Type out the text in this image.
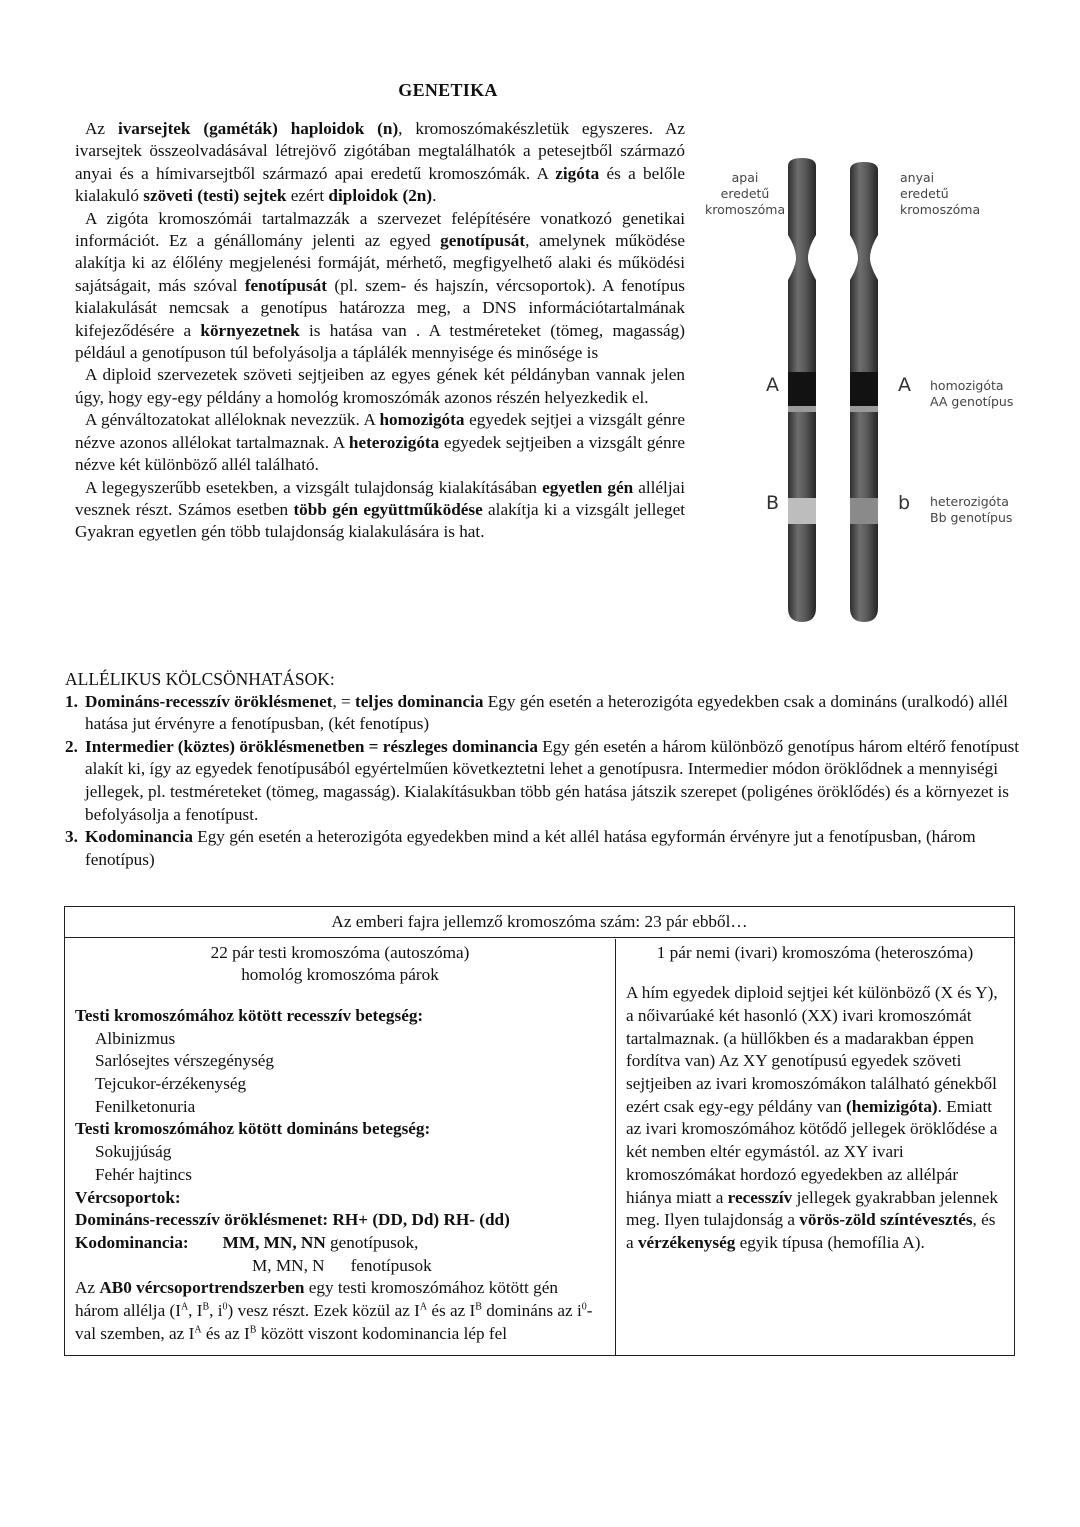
GENETIKA

Az ivarsejtek (gaméták) haploidok (n), kromoszómakészletük egyszeres. Az ivarsejtek összeolvadásával létrejövő zigótában megtalálhatók a petesejtből származó anyai és a hímivarsejtből származó apai eredetű kromoszómák. A zigóta és a belőle kialakuló szöveti (testi) sejtek ezért diploidok (2n).

A zigóta kromoszómái tartalmazzák a szervezet felépítésére vonatkozó genetikai információt. Ez a génállomány jelenti az egyed genotípusát, amelynek működése alakítja ki az élőlény megjelenési formáját, mérhető, megfigyelhető alaki és működési sajátságait, más szóval fenotípusát (pl. szem- és hajszín, vércsoportok). A fenotípus kialakulását nemcsak a genotípus határozza meg, a DNS információtartalmának kifejeződésére a környezetnek is hatása van . A testméreteket (tömeg, magasság) például a genotípuson túl befolyásolja a táplálék mennyisége és minősége is

A diploid szervezetek szöveti sejtjeiben az egyes gének két példányban vannak jelen úgy, hogy egy-egy példány a homológ kromoszómák azonos részén helyezkedik el.

A génváltozatokat alléloknak nevezzük. A homozigóta egyedek sejtjei a vizsgált génre nézve azonos allélokat tartalmaznak. A heterozigóta egyedek sejtjeiben a vizsgált génre nézve két különböző allél található.

A legegyszerűbb esetekben, a vizsgált tulajdonság kialakításában egyetlen gén alléljai vesznek részt. Számos esetben több gén együttműködése alakítja ki a vizsgált jelleget Gyakran egyetlen gén több tulajdonság kialakulására is hat.

apai
eredetű
kromoszóma
anyai
eredetű
kromoszóma
A	A
B	b
homozigóta
AA genotípus
heterozigóta
Bb genotípus

ALLÉLIKUS KÖLCSÖNHATÁSOK:

1. Domináns-recesszív öröklésmenet, = teljes dominancia Egy gén esetén a heterozigóta egyedekben csak a domináns (uralkodó) allél hatása jut érvényre a fenotípusban, (két fenotípus)
2. Intermedier (köztes) öröklésmenetben = részleges dominancia Egy gén esetén a három különböző genotípus három eltérő fenotípust alakít ki, így az egyedek fenotípusából egyértelműen következtetni lehet a genotípusra. Intermedier módon öröklődnek a mennyiségi jellegek, pl. testméreteket (tömeg, magasság). Kialakításukban több gén hatása játszik szerepet (poligénes öröklődés) és a környezet is befolyásolja a fenotípust.
3. Kodominancia Egy gén esetén a heterozigóta egyedekben mind a két allél hatása egyformán érvényre jut a fenotípusban, (három fenotípus)
Az emberi fajra jellemző kromoszóma szám: 23 pár ebből…
22 pár testi kromoszóma (autoszóma)
homológ kromoszóma párok
Testi kromoszómához kötött recesszív betegség:
Albinizmus
Sarlósejtes vérszegénység
Tejcukor-érzékenység
Fenilketonuria
Testi kromoszómához kötött domináns betegség:
Sokujjúság
Fehér hajtincs
Vércsoportok:
Domináns-recesszív öröklésmenet: RH+ (DD, Dd) RH- (dd)
Kodominancia: MM, MN, NN genotípusok,
M, MN, N fenotípusok
Az AB0 vércsoportrendszerben egy testi kromoszómához kötött gén három allélja ($I^A$, $I^B$, $i^0$) vesz részt. Ezek közül az $I^A$ és az $I^B$ domináns az $i^0$-val szemben, az $I^A$ és az $I^B$ között viszont kodominancia lép fel
1 pár nemi (ivari) kromoszóma (heteroszóma)
A hím egyedek diploid sejtjei két különböző (X és Y), a nőivarúaké két hasonló (XX) ivari kromoszómát tartalmaznak. (a hüllőkben és a madarakban éppen fordítva van) Az XY genotípusú egyedek szöveti sejtjeiben az ivari kromoszómákon található génekből ezért csak egy-egy példány van (hemizigóta). Emiatt az ivari kromoszómához kötődő jellegek öröklődése a két nemben eltér egymástól. az XY ivari kromoszómákat hordozó egyedekben az allélpár hiánya miatt a recesszív jellegek gyakrabban jelennek meg. Ilyen tulajdonság a vörös-zöld színtévesztés, és a vérzékenység egyik típusa (hemofília A).
